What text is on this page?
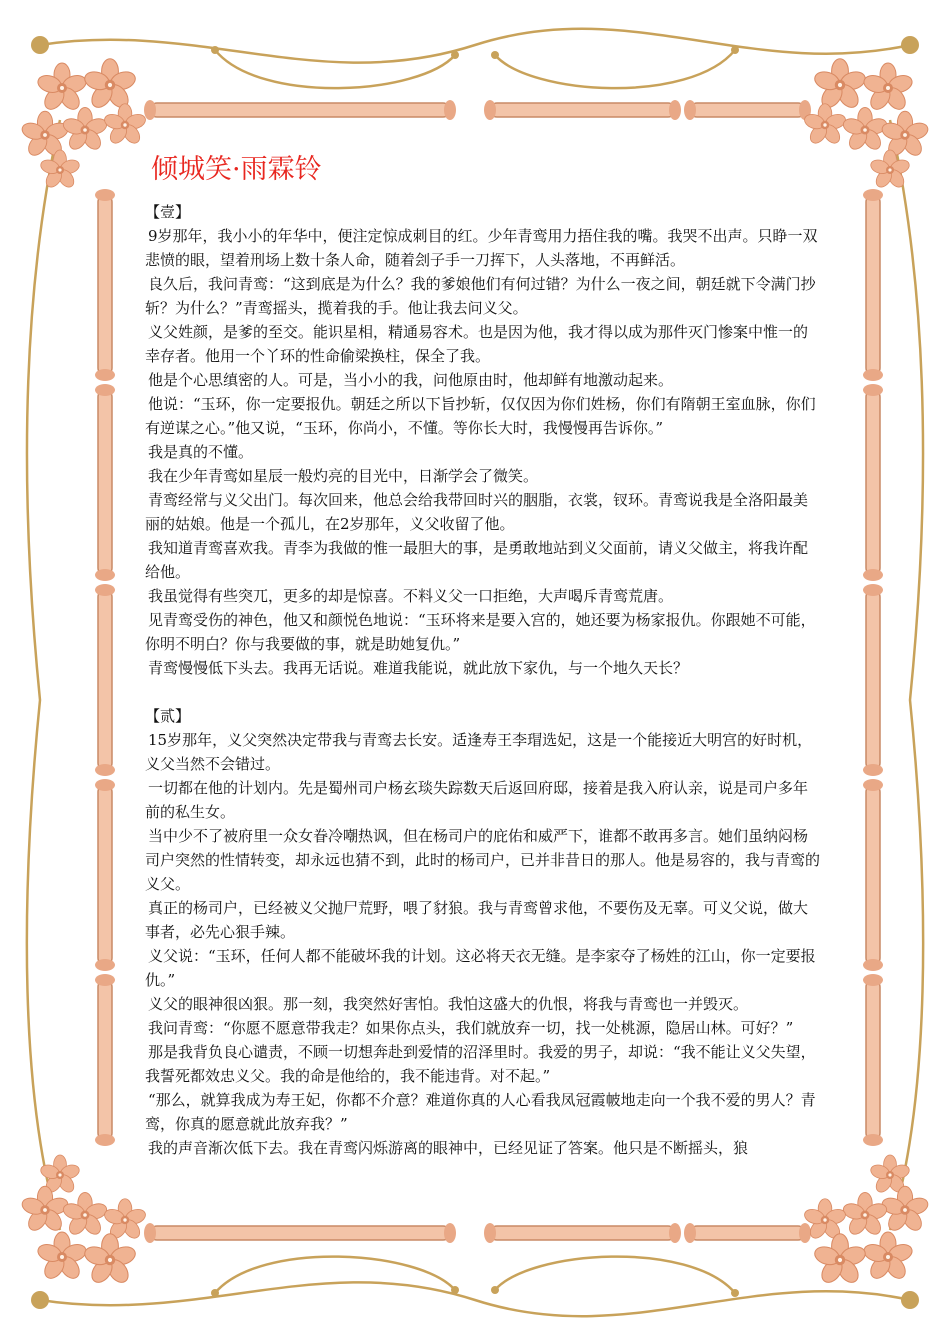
倾城笑·雨霖铃

【壹】

9岁那年，我小小的年华中，便注定惊成刺目的红。少年青鸾用力捂住我的嘴。我哭不出声。只睁一双悲愤的眼，望着刑场上数十条人命，随着刽子手一刀挥下，人头落地，不再鲜活。

良久后，我问青鸾：“这到底是为什么？我的爹娘他们有何过错？为什么一夜之间，朝廷就下令满门抄斩？为什么？”青鸾摇头，揽着我的手。他让我去问义父。

义父姓颜，是爹的至交。能识星相，精通易容术。也是因为他，我才得以成为那件灭门惨案中惟一的幸存者。他用一个丫环的性命偷梁换柱，保全了我。

他是个心思缜密的人。可是，当小小的我，问他原由时，他却鲜有地激动起来。

他说：“玉环，你一定要报仇。朝廷之所以下旨抄斩，仅仅因为你们姓杨，你们有隋朝王室血脉，你们有逆谋之心。”他又说，“玉环，你尚小，不懂。等你长大时，我慢慢再告诉你。”

我是真的不懂。

我在少年青鸾如星辰一般灼亮的目光中，日渐学会了微笑。

青鸾经常与义父出门。每次回来，他总会给我带回时兴的胭脂，衣裳，钗环。青鸾说我是全洛阳最美丽的姑娘。他是一个孤儿，在2岁那年，义父收留了他。

我知道青鸾喜欢我。青李为我做的惟一最胆大的事，是勇敢地站到义父面前，请义父做主，将我许配给他。

我虽觉得有些突兀，更多的却是惊喜。不料义父一口拒绝，大声喝斥青鸾荒唐。

见青鸾受伤的神色，他又和颜悦色地说：“玉环将来是要入宫的，她还要为杨家报仇。你跟她不可能，你明不明白？你与我要做的事，就是助她复仇。”

青鸾慢慢低下头去。我再无话说。难道我能说，就此放下家仇，与一个地久天长？

【贰】

15岁那年，义父突然决定带我与青鸾去长安。适逢寿王李瑁选妃，这是一个能接近大明宫的好时机，义父当然不会错过。

一切都在他的计划内。先是蜀州司户杨玄琰失踪数天后返回府邸，接着是我入府认亲，说是司户多年前的私生女。

当中少不了被府里一众女眷冷嘲热讽，但在杨司户的庇佑和威严下，谁都不敢再多言。她们虽纳闷杨司户突然的性情转变，却永远也猜不到，此时的杨司户，已并非昔日的那人。他是易容的，我与青鸾的义父。

真正的杨司户，已经被义父抛尸荒野，喂了豺狼。我与青鸾曾求他，不要伤及无辜。可义父说，做大事者，必先心狠手辣。

义父说：“玉环，任何人都不能破坏我的计划。这必将天衣无缝。是李家夺了杨姓的江山，你一定要报仇。”

义父的眼神很凶狠。那一刻，我突然好害怕。我怕这盛大的仇恨，将我与青鸾也一并毁灭。

我问青鸾：“你愿不愿意带我走？如果你点头，我们就放弃一切，找一处桃源，隐居山林。可好？”

那是我背负良心谴责，不顾一切想奔赴到爱情的沼泽里时。我爱的男子，却说：“我不能让义父失望，我誓死都效忠义父。我的命是他给的，我不能违背。对不起。”

“那么，就算我成为寿王妃，你都不介意？难道你真的人心看我凤冠霞帔地走向一个我不爱的男人？青鸾，你真的愿意就此放弃我？”

我的声音渐次低下去。我在青鸾闪烁游离的眼神中，已经见证了答案。他只是不断摇头，狼
